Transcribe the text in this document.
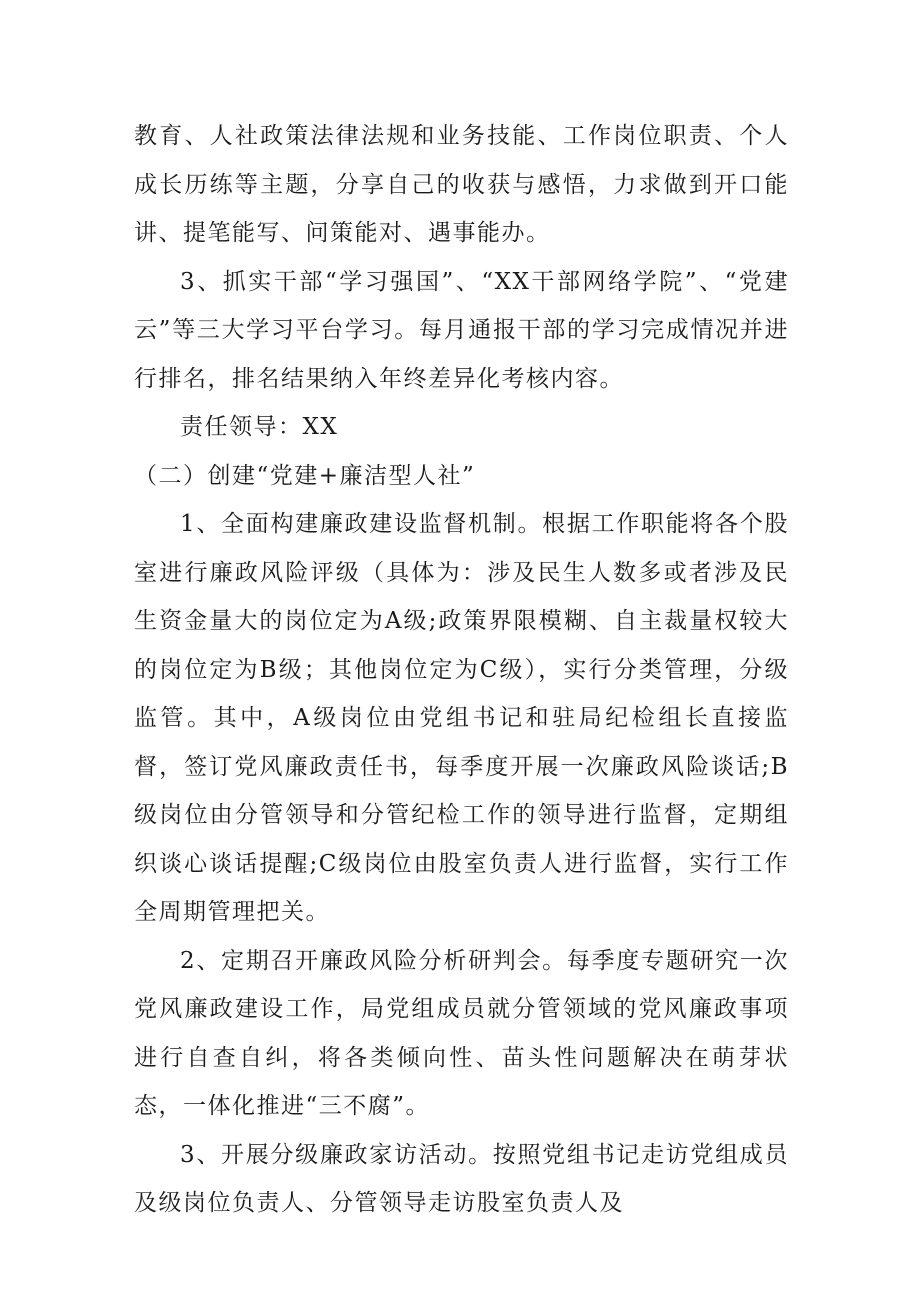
教育、人社政策法律法规和业务技能、工作岗位职责、个人成长历练等主题，分享自己的收获与感悟，力求做到开口能讲、提笔能写、问策能对、遇事能办。

3、抓实干部“学习强国”、“XX干部网络学院”、“党建云”等三大学习平台学习。每月通报干部的学习完成情况并进行排名，排名结果纳入年终差异化考核内容。

责任领导：XX

（二）创建“党建+廉洁型人社”

1、全面构建廉政建设监督机制。根据工作职能将各个股室进行廉政风险评级（具体为：涉及民生人数多或者涉及民生资金量大的岗位定为A级;政策界限模糊、自主裁量权较大的岗位定为B级；其他岗位定为C级），实行分类管理，分级监管。其中，A级岗位由党组书记和驻局纪检组长直接监督，签订党风廉政责任书，每季度开展一次廉政风险谈话;B级岗位由分管领导和分管纪检工作的领导进行监督，定期组织谈心谈话提醒;C级岗位由股室负责人进行监督，实行工作全周期管理把关。

2、定期召开廉政风险分析研判会。每季度专题研究一次党风廉政建设工作，局党组成员就分管领域的党风廉政事项进行自查自纠，将各类倾向性、苗头性问题解决在萌芽状态，一体化推进“三不腐”。

3、开展分级廉政家访活动。按照党组书记走访党组成员及级岗位负责人、分管领导走访股室负责人及
